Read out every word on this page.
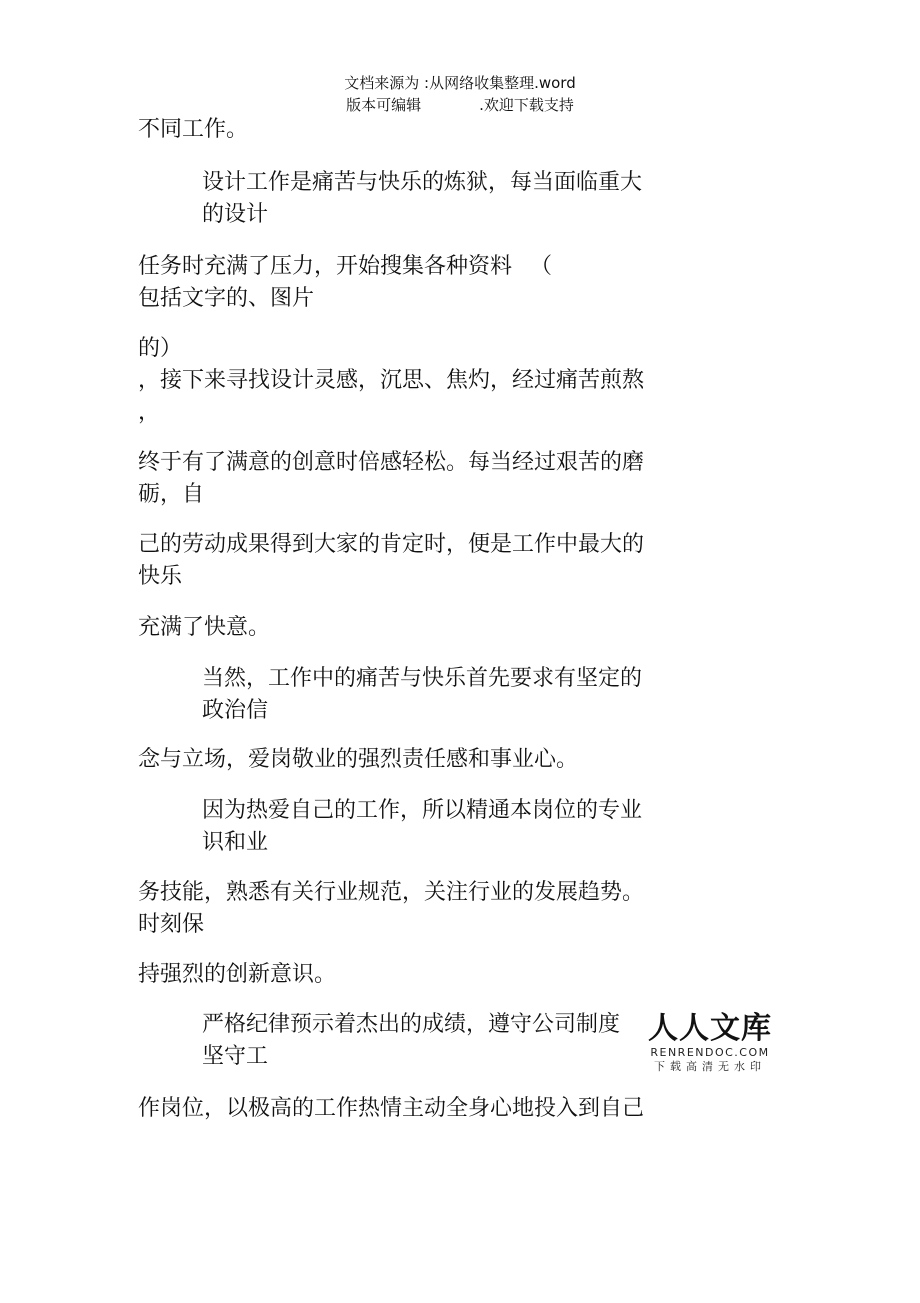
文档来源为 :从网络收集整理.word
版本可编辑	.欢迎下载支持
不同工作。
设计工作是痛苦与快乐的炼狱，每当面临重大
的设计
任务时充满了压力，开始搜集各种资料 　（
包括文字的、图片
的）
，接下来寻找设计灵感，沉思、焦灼，经过痛苦煎熬
，
终于有了满意的创意时倍感轻松。每当经过艰苦的磨
砺，自
己的劳动成果得到大家的肯定时，便是工作中最大的
快乐
充满了快意。
当然，工作中的痛苦与快乐首先要求有坚定的
政治信
念与立场，爱岗敬业的强烈责任感和事业心。
因为热爱自己的工作，所以精通本岗位的专业
识和业
务技能，熟悉有关行业规范，关注行业的发展趋势。
时刻保
持强烈的创新意识。
严格纪律预示着杰出的成绩，遵守公司制度
坚守工
作岗位，以极高的工作热情主动全身心地投入到自己
人人文库
RENRENDOC.COM
下载高清无水印
